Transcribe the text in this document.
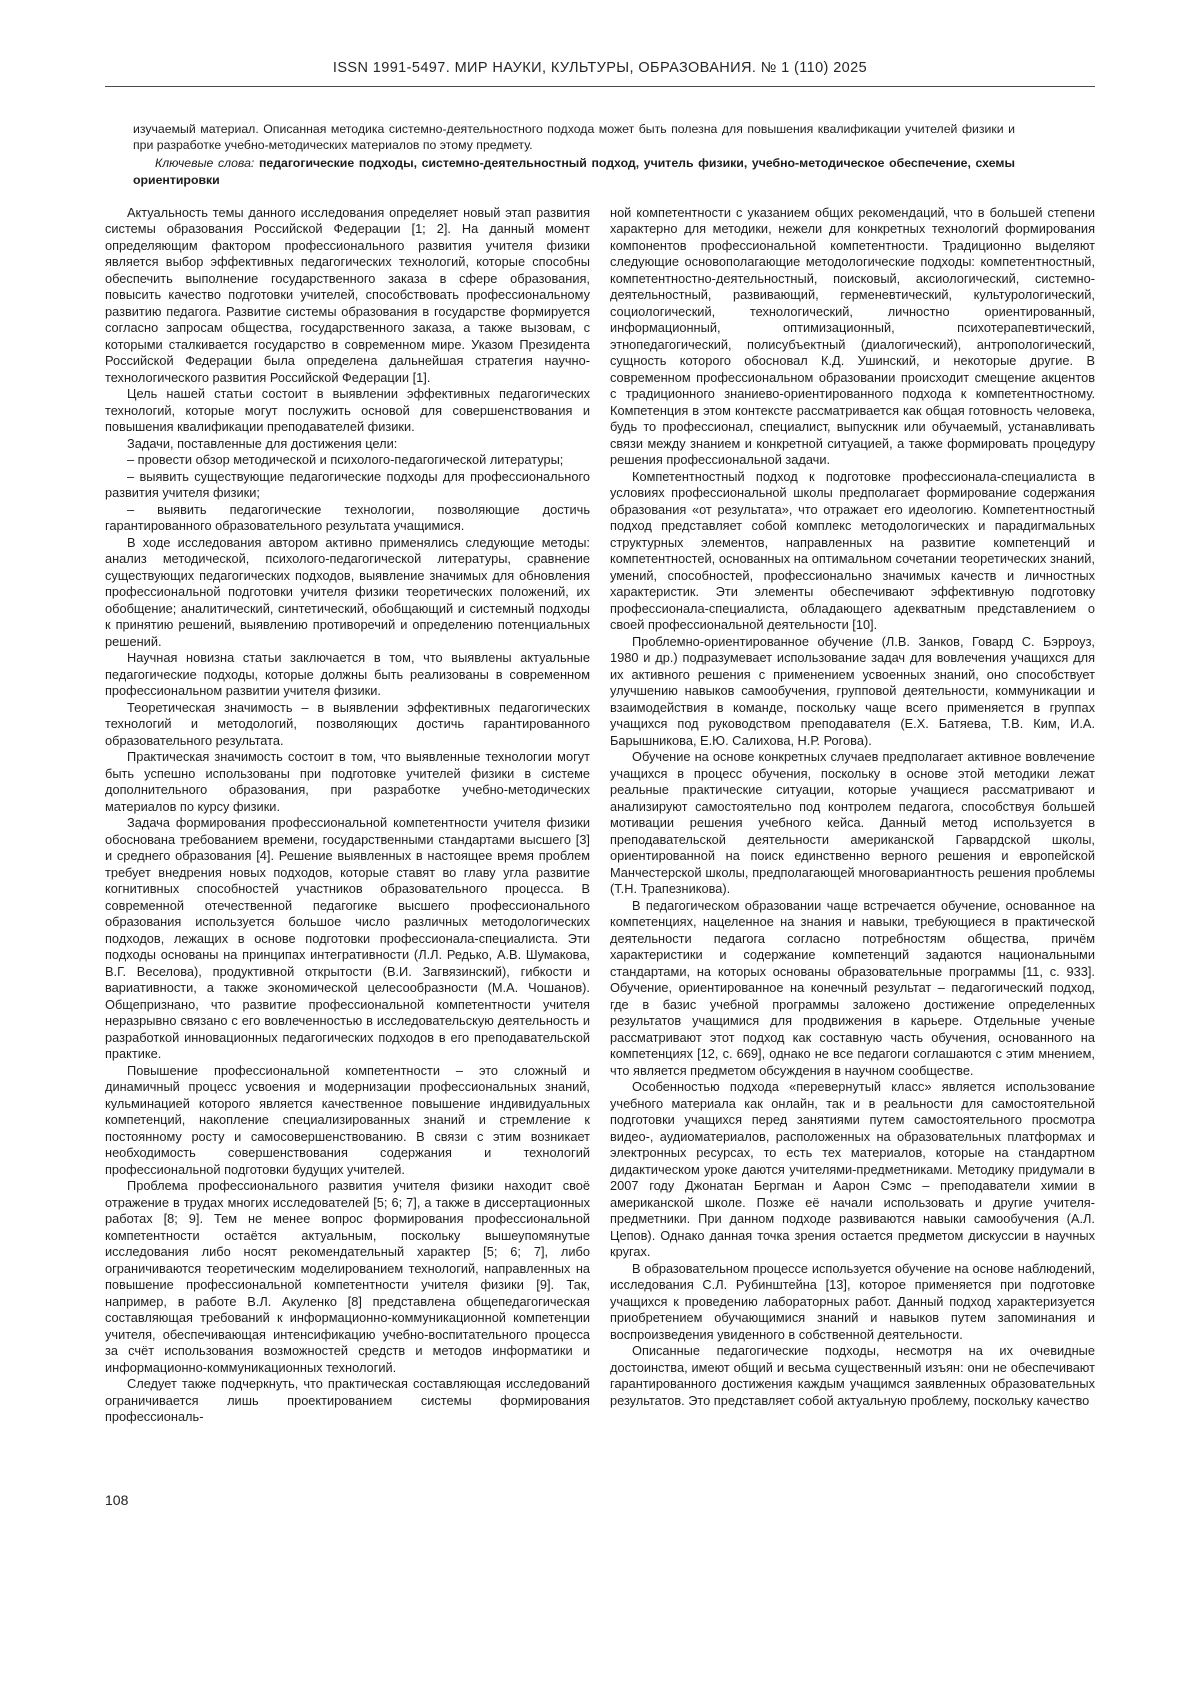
ISSN 1991-5497. МИР НАУКИ, КУЛЬТУРЫ, ОБРАЗОВАНИЯ. № 1 (110) 2025

изучаемый материал. Описанная методика системно-деятельностного подхода может быть полезна для повышения квалификации учителей физики и при разработке учебно-методических материалов по этому предмету.

Ключевые слова: педагогические подходы, системно-деятельностный подход, учитель физики, учебно-методическое обеспечение, схемы ориентировки

Актуальность темы данного исследования определяет новый этап развития системы образования Российской Федерации [1; 2]. На данный момент определяющим фактором профессионального развития учителя физики является выбор эффективных педагогических технологий, которые способны обеспечить выполнение государственного заказа в сфере образования, повысить качество подготовки учителей, способствовать профессиональному развитию педагога. Развитие системы образования в государстве формируется согласно запросам общества, государственного заказа, а также вызовам, с которыми сталкивается государство в современном мире. Указом Президента Российской Федерации была определена дальнейшая стратегия научно-технологического развития Российской Федерации [1].

Цель нашей статьи состоит в выявлении эффективных педагогических технологий, которые могут послужить основой для совершенствования и повышения квалификации преподавателей физики.

Задачи, поставленные для достижения цели:

– провести обзор методической и психолого-педагогической литературы;

– выявить существующие педагогические подходы для профессионального развития учителя физики;

– выявить педагогические технологии, позволяющие достичь гарантированного образовательного результата учащимися.

В ходе исследования автором активно применялись следующие методы: анализ методической, психолого-педагогической литературы, сравнение существующих педагогических подходов, выявление значимых для обновления профессиональной подготовки учителя физики теоретических положений, их обобщение; аналитический, синтетический, обобщающий и системный подходы к принятию решений, выявлению противоречий и определению потенциальных решений.

Научная новизна статьи заключается в том, что выявлены актуальные педагогические подходы, которые должны быть реализованы в современном профессиональном развитии учителя физики.

Теоретическая значимость – в выявлении эффективных педагогических технологий и методологий, позволяющих достичь гарантированного образовательного результата.

Практическая значимость состоит в том, что выявленные технологии могут быть успешно использованы при подготовке учителей физики в системе дополнительного образования, при разработке учебно-методических материалов по курсу физики.

Задача формирования профессиональной компетентности учителя физики обоснована требованием времени, государственными стандартами высшего [3] и среднего образования [4]. Решение выявленных в настоящее время проблем требует внедрения новых подходов, которые ставят во главу угла развитие когнитивных способностей участников образовательного процесса. В современной отечественной педагогике высшего профессионального образования используется большое число различных методологических подходов, лежащих в основе подготовки профессионала-специалиста. Эти подходы основаны на принципах интегративности (Л.Л. Редько, А.В. Шумакова, В.Г. Веселова), продуктивной открытости (В.И. Загвязинский), гибкости и вариативности, а также экономической целесообразности (М.А. Чошанов). Общепризнано, что развитие профессиональной компетентности учителя неразрывно связано с его вовлеченностью в исследовательскую деятельность и разработкой инновационных педагогических подходов в его преподавательской практике.

Повышение профессиональной компетентности – это сложный и динамичный процесс усвоения и модернизации профессиональных знаний, кульминацией которого является качественное повышение индивидуальных компетенций, накопление специализированных знаний и стремление к постоянному росту и самосовершенствованию. В связи с этим возникает необходимость совершенствования содержания и технологий профессиональной подготовки будущих учителей.

Проблема профессионального развития учителя физики находит своё отражение в трудах многих исследователей [5; 6; 7], а также в диссертационных работах [8; 9]. Тем не менее вопрос формирования профессиональной компетентности остаётся актуальным, поскольку вышеупомянутые исследования либо носят рекомендательный характер [5; 6; 7], либо ограничиваются теоретическим моделированием технологий, направленных на повышение профессиональной компетентности учителя физики [9]. Так, например, в работе В.Л. Акуленко [8] представлена общепедагогическая составляющая требований к информационно-коммуникационной компетенции учителя, обеспечивающая интенсификацию учебно-воспитательного процесса за счёт использования возможностей средств и методов информатики и информационно-коммуникационных технологий.

Следует также подчеркнуть, что практическая составляющая исследований ограничивается лишь проектированием системы формирования профессиональ-

ной компетентности с указанием общих рекомендаций, что в большей степени характерно для методики, нежели для конкретных технологий формирования компонентов профессиональной компетентности. Традиционно выделяют следующие основополагающие методологические подходы: компетентностный, компетентностно-деятельностный, поисковый, аксиологический, системно-деятельностный, развивающий, герменевтический, культурологический, социологический, технологический, личностно ориентированный, информационный, оптимизационный, психотерапевтический, этнопедагогический, полисубъектный (диалогический), антропологический, сущность которого обосновал К.Д. Ушинский, и некоторые другие. В современном профессиональном образовании происходит смещение акцентов с традиционного знаниево-ориентированного подхода к компетентностному. Компетенция в этом контексте рассматривается как общая готовность человека, будь то профессионал, специалист, выпускник или обучаемый, устанавливать связи между знанием и конкретной ситуацией, а также формировать процедуру решения профессиональной задачи.

Компетентностный подход к подготовке профессионала-специалиста в условиях профессиональной школы предполагает формирование содержания образования «от результата», что отражает его идеологию. Компетентностный подход представляет собой комплекс методологических и парадигмальных структурных элементов, направленных на развитие компетенций и компетентностей, основанных на оптимальном сочетании теоретических знаний, умений, способностей, профессионально значимых качеств и личностных характеристик. Эти элементы обеспечивают эффективную подготовку профессионала-специалиста, обладающего адекватным представлением о своей профессиональной деятельности [10].

Проблемно-ориентированное обучение (Л.В. Занков, Говард С. Бэрроуз, 1980 и др.) подразумевает использование задач для вовлечения учащихся для их активного решения с применением усвоенных знаний, оно способствует улучшению навыков самообучения, групповой деятельности, коммуникации и взаимодействия в команде, поскольку чаще всего применяется в группах учащихся под руководством преподавателя (Е.Х. Батяева, Т.В. Ким, И.А. Барышникова, Е.Ю. Салихова, Н.Р. Рогова).

Обучение на основе конкретных случаев предполагает активное вовлечение учащихся в процесс обучения, поскольку в основе этой методики лежат реальные практические ситуации, которые учащиеся рассматривают и анализируют самостоятельно под контролем педагога, способствуя большей мотивации решения учебного кейса. Данный метод используется в преподавательской деятельности американской Гарвардской школы, ориентированной на поиск единственно верного решения и европейской Манчестерской школы, предполагающей многовариантность решения проблемы (Т.Н. Трапезникова).

В педагогическом образовании чаще встречается обучение, основанное на компетенциях, нацеленное на знания и навыки, требующиеся в практической деятельности педагога согласно потребностям общества, причём характеристики и содержание компетенций задаются национальными стандартами, на которых основаны образовательные программы [11, с. 933]. Обучение, ориентированное на конечный результат – педагогический подход, где в базис учебной программы заложено достижение определенных результатов учащимися для продвижения в карьере. Отдельные ученые рассматривают этот подход как составную часть обучения, основанного на компетенциях [12, с. 669], однако не все педагоги соглашаются с этим мнением, что является предметом обсуждения в научном сообществе.

Особенностью подхода «перевернутый класс» является использование учебного материала как онлайн, так и в реальности для самостоятельной подготовки учащихся перед занятиями путем самостоятельного просмотра видео-, аудиоматериалов, расположенных на образовательных платформах и электронных ресурсах, то есть тех материалов, которые на стандартном дидактическом уроке даются учителями-предметниками. Методику придумали в 2007 году Джонатан Бергман и Аарон Сэмс – преподаватели химии в американской школе. Позже её начали использовать и другие учителя-предметники. При данном подходе развиваются навыки самообучения (А.Л. Цепов). Однако данная точка зрения остается предметом дискуссии в научных кругах.

В образовательном процессе используется обучение на основе наблюдений, исследования С.Л. Рубинштейна [13], которое применяется при подготовке учащихся к проведению лабораторных работ. Данный подход характеризуется приобретением обучающимися знаний и навыков путем запоминания и воспроизведения увиденного в собственной деятельности.

Описанные педагогические подходы, несмотря на их очевидные достоинства, имеют общий и весьма существенный изъян: они не обеспечивают гарантированного достижения каждым учащимся заявленных образовательных результатов. Это представляет собой актуальную проблему, поскольку качество

108
